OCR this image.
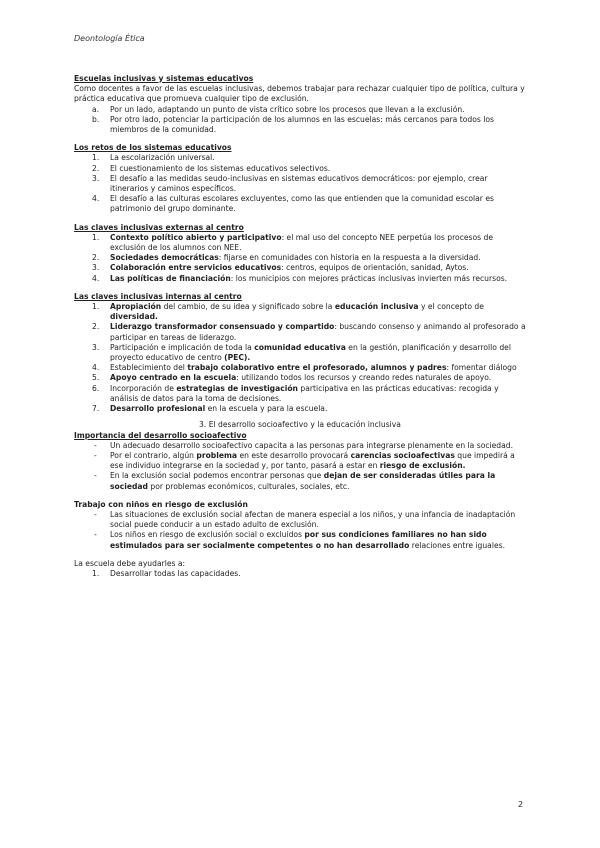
Deontología Ética

Escuelas inclusivas y sistemas educativos

Como docentes a favor de las escuelas inclusivas, debemos trabajar para rechazar cualquier tipo de política, cultura y práctica educativa que promueva cualquier tipo de exclusión.

a. Por un lado, adaptando un punto de vista crítico sobre los procesos que llevan a la exclusión.
b. Por otro lado, potenciar la participación de los alumnos en las escuelas: más cercanos para todos los miembros de la comunidad.

Los retos de los sistemas educativos

1. La escolarización universal.
2. El cuestionamiento de los sistemas educativos selectivos.
3. El desafío a las medidas seudo-inclusivas en sistemas educativos democráticos: por ejemplo, crear itinerarios y caminos específicos.
4. El desafío a las culturas escolares excluyentes, como las que entienden que la comunidad escolar es patrimonio del grupo dominante.

Las claves inclusivas externas al centro

1. Contexto político abierto y participativo: el mal uso del concepto NEE perpetúa los procesos de exclusión de los alumnos con NEE.
2. Sociedades democráticas: fijarse en comunidades con historia en la respuesta a la diversidad.
3. Colaboración entre servicios educativos: centros, equipos de orientación, sanidad, Aytos.
4. Las políticas de financiación: los municipios con mejores prácticas inclusivas invierten más recursos.

Las claves inclusivas internas al centro

1. Apropiación del cambio, de su idea y significado sobre la educación inclusiva y el concepto de diversidad.
2. Liderazgo transformador consensuado y compartido: buscando consenso y animando al profesorado a participar en tareas de liderazgo.
3. Participación e implicación de toda la comunidad educativa en la gestión, planificación y desarrollo del proyecto educativo de centro (PEC).
4. Establecimiento del trabajo colaborativo entre el profesorado, alumnos y padres: fomentar diálogo
5. Apoyo centrado en la escuela: utilizando todos los recursos y creando redes naturales de apoyo.
6. Incorporación de estrategias de investigación participativa en las prácticas educativas: recogida y análisis de datos para la toma de decisiones.
7. Desarrollo profesional en la escuela y para la escuela.

3. El desarrollo socioafectivo y la educación inclusiva

Importancia del desarrollo socioafectivo

- Un adecuado desarrollo socioafectivo capacita a las personas para integrarse plenamente en la sociedad.
- Por el contrario, algún problema en este desarrollo provocará carencias socioafectivas que impedirá a ese individuo integrarse en la sociedad y, por tanto, pasará a estar en riesgo de exclusión.
- En la exclusión social podemos encontrar personas que dejan de ser consideradas útiles para la sociedad por problemas económicos, culturales, sociales, etc.

Trabajo con niños en riesgo de exclusión

- Las situaciones de exclusión social afectan de manera especial a los niños, y una infancia de inadaptación social puede conducir a un estado adulto de exclusión.
- Los niños en riesgo de exclusión social o excluidos por sus condiciones familiares no han sido estimulados para ser socialmente competentes o no han desarrollado relaciones entre iguales.

La escuela debe ayudarles a:

1. Desarrollar todas las capacidades.
2
